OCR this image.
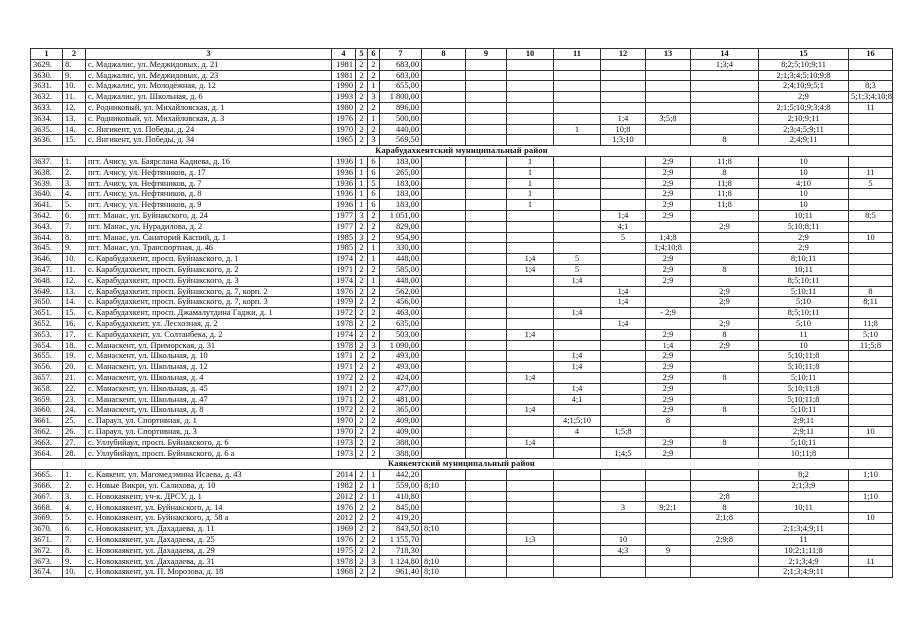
1	2	3	4	5	6	7	8	9	10	11	12	13	14	15	16
3629.	8.	с. Маджалис, ул. Меджидовых, д. 21	1981	2	2	683,00							1;3;4	8;2;5;10;9;11	
3630.	9.	с. Маджалис, ул. Меджидовых, д. 23	1981	2	2	683,00								2;1;3;4;5;10;9;8	
3631.	10.	с. Маджалис, ул. Молодёжная, д. 12	1990	2	1	655,00								2;4;10;9;5;1	8;3
3632.	11.	с. Маджалис, ул. Школьная, д. 6	1993	2	3	1 800,00								2;9	5;1;3;4;10;8
3633.	12.	с. Родниковый, ул. Михайловская, д. 1	1980	2	2	896,00								2;1;5;10;9;3;4;8	11
3634.	13.	с. Родниковый, ул. Михайловская, д. 3	1976	2	1	500,00					1;4	3;5;8		2;10;9;11	
3635.	14.	с. Янгикент, ул. Победы, д. 24	1970	2	2	440,00				1	10;8			2;3;4;5;9;11	
3636.	15.	с. Янгикент, ул. Победы, д. 34	1965	2	3	569,50					1;3;10		8	2;4;9;11	
Карабудахкентский муниципальный район															
3637.	1.	пгт. Ачису, ул. Баярслана Кадиева, д. 16	1936	1	6	183,00			1			2;9	11;8	10	
3638.	2.	пгт. Ачису, ул. Нефтяников, д. 17	1936	1	6	265,00			1			2;9	8	10	11
3639.	3.	пгт. Ачису, ул. Нефтяников, д. 7	1936	1	5	183,00			1			2;9	11;8	4;10	5
3640.	4.	пгт. Ачису, ул. Нефтяников, д. 8	1936	1	6	183,00			1			2;9	11;8	10	
3641.	5.	пгт. Ачису, ул. Нефтяников, д. 9	1936	1	6	183,00			1			2;9	11;8	10	
3642.	6.	пгт. Манас, ул. Буйнакского, д. 24	1977	3	2	1 051,00					1;4	2;9		10;11	8;5
3643.	7.	пгт. Манас, ул. Нурадилова, д. 2	1977	2	2	829,00					4;1		2;9	5;10;8;11	
3644.	8.	пгт. Манас, ул. Санаторий Каспий, д. 1	1985	3	2	954,90					5	1;4;8		2;9	10
3645.	9.	пгт. Манас, ул. Транспортная, д. 46	1985	2	1	330,00						1;4;10;8		2;9	
3646.	10.	с. Карабудахкент, просп. Буйнакского, д. 1	1974	2	1	448,00			1;4	5		2;9		8;10;11	
3647.	11.	с. Карабудахкент, просп. Буйнакского, д. 2	1971	2	2	585,00			1;4	5		2;9	8	10;11	
3648.	12.	с. Карабудахкент, просп. Буйнакского, д. 3	1974	2	1	448,00				1;4		2;9		8;5;10;11	
3649.	13.	с. Карабудахкент, просп. Буйнакского, д. 7, корп. 2	1976	2	2	562,00					1;4		2;9	5;10;11	8
3650.	14.	с. Карабудахкент, просп. Буйнакского, д. 7, корп. 3	1979	2	2	456,00					1;4		2;9	5;10	8;11
3651.	15.	с. Карабудахкент, просп. Джамалутдина Гаджи, д. 1	1972	2	2	463,00				1;4		- 2;9		8;5;10;11	
3652.	16.	с. Карабудахкент, ул. Лесхозная, д. 2	1978	2	2	635,00					1;4		2;9	5;10	11;8
3653.	17.	с. Карабудахкент, ул. Солтанбека, д. 2	1974	2	2	503,00			1;4			2;9	8	11	5;10
3654.	18.	с. Манаскент, ул. Приморская, д. 31	1978	2	3	1 090,00						1;4	2;9	10	11;5;8
3655.	19.	с. Манаскент, ул. Школьная, д. 10	1971	2	2	493,00				1;4		2;9		5;10;11;8	
3656.	20.	с. Манаскент, ул. Школьная, д. 12	1971	2	2	493,00				1;4		2;9		5;10;11;8	
3657.	21.	с. Манаскент, ул. Школьная, д. 4	1972	2	2	424,00			1;4			2;9	8	5;10;11	
3658.	22.	с. Манаскент, ул. Школьная, д. 45	1971	2	2	477,00				1;4		2;9		5;10;11;8	
3659.	23.	с. Манаскент, ул. Школьная, д. 47	1971	2	2	481,00				4;1		2;9		5;10;11;8	
3660.	24.	с. Манаскент, ул. Школьная, д. 8	1972	2	2	365,00			1;4			2;9	8	5;10;11	
3661.	25.	с. Параул, ул. Спортивная, д. 1	1970	2	2	409,00				4;1;5;10		8		2;9;11	
3662.	26.	с. Параул, ул. Спортивная, д. 3	1970	2	2	409,00				4	1;5;8			2;9;11	10
3663.	27.	с. Уллубийаул, просп. Буйнакского, д. 6	1973	2	2	388,00			1;4			2;9	8	5;10;11	
3664.	28.	с. Уллубийаул, просп. Буйнакского, д. 6 а	1973	2	2	388,00					1;4;5	2;9		10;11;8	
Каякентский муниципальный район															
3665.	1.	с. Каякент, ул. Магомедэмина Исаева, д. 43	2014	2	1	442,20								8;2	1;10
3666.	2.	с. Новые Викри, ул. Салихова, д. 10	1982	2	1	559,00	8;10							2;1;3;9	
3667.	3.	с. Новокаякент, уч-к. ДРСУ, д. 1	2012	2	1	410,80							2;8		1;10
3668.	4.	с. Новокаякент, ул. Буйнакского, д. 14	1976	2	2	845,00					3	9;2;1	8	10;11	
3669.	5.	с. Новокаякент, ул. Буйнакского, д. 58 а	2012	2	2	419,20							2;1;8		10
3670.	6.	с. Новокаякент, ул. Дахадаева, д. 11	1969	2	2	843,50	8;10							2;1;3;4;9;11	
3671.	7.	с. Новокаякент, ул. Дахадаева, д. 25	1976	2	2	1 155,70			1;3		10		2;9;8	11	
3672.	8.	с. Новокаякент, ул. Дахадаева, д. 29	1975	2	2	718,30					4;3	9		10;2;1;11;8	
3673.	9.	с. Новокаякент, ул. Дахадаева, д. 31	1978	2	3	1 124,80	8;10							2;1;3;4;9	11
3674.	10.	с. Новокаякент, ул. П. Морозова, д. 18	1968	2	2	961,40	8;10							2;1;3;4;9;11	
